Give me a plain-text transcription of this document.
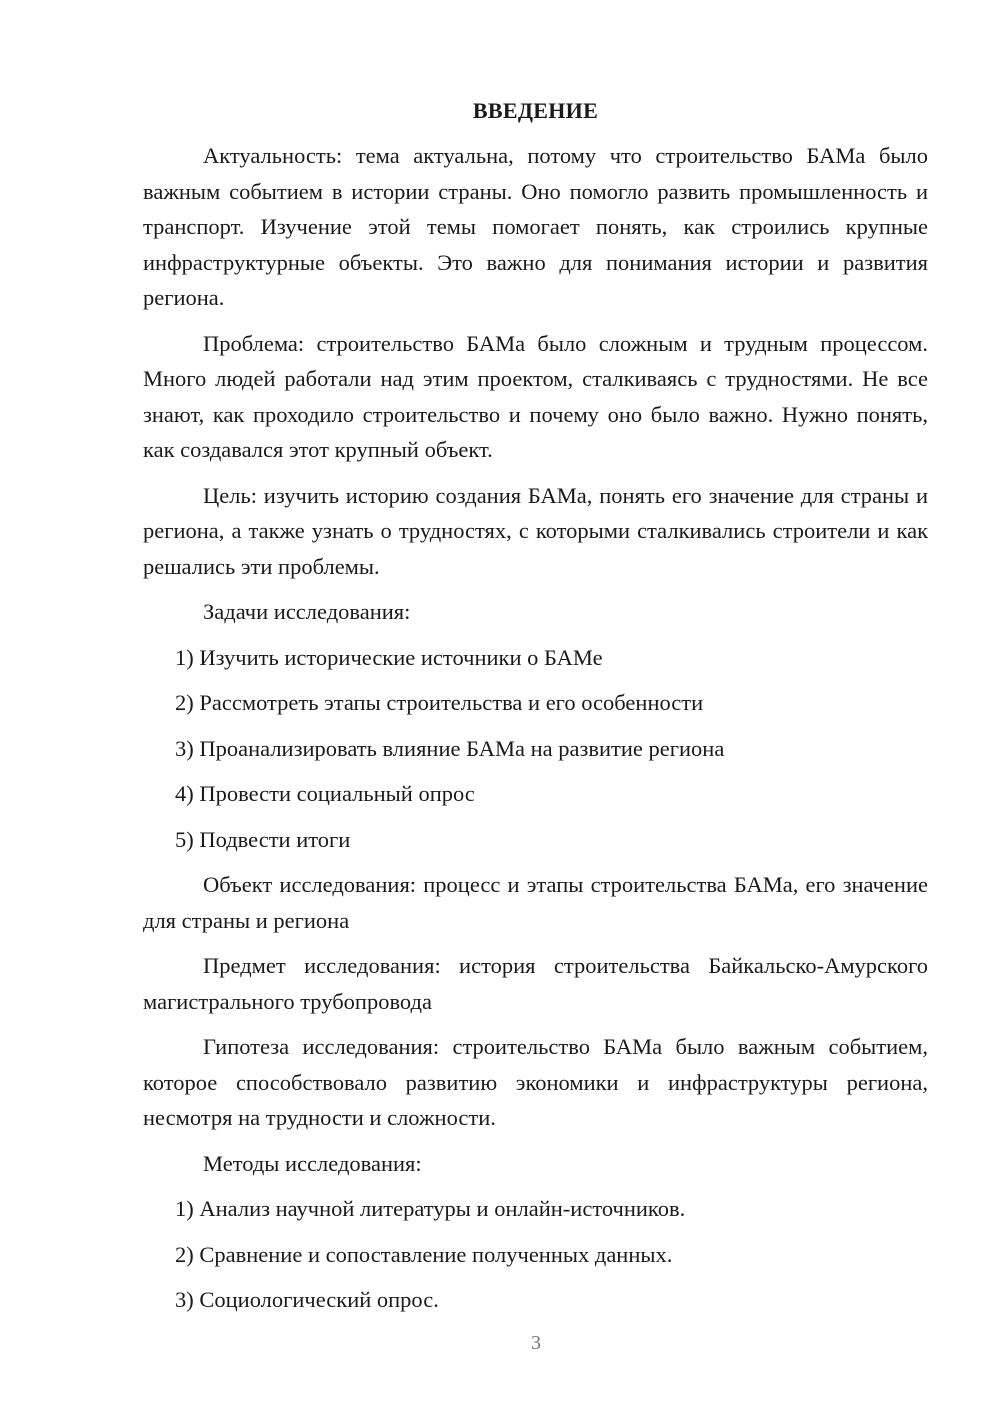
ВВЕДЕНИЕ

Актуальность: тема актуальна, потому что строительство БАМа было важным событием в истории страны. Оно помогло развить промышленность и транспорт. Изучение этой темы помогает понять, как строились крупные инфраструктурные объекты. Это важно для понимания истории и развития региона.

Проблема: строительство БАМа было сложным и трудным процессом. Много людей работали над этим проектом, сталкиваясь с трудностями. Не все знают, как проходило строительство и почему оно было важно. Нужно понять, как создавался этот крупный объект.

Цель: изучить историю создания БАМа, понять его значение для страны и региона, а также узнать о трудностях, с которыми сталкивались строители и как решались эти проблемы.

Задачи исследования:

1) Изучить исторические источники о БАМе

2) Рассмотреть этапы строительства и его особенности

3) Проанализировать влияние БАМа на развитие региона

4) Провести социальный опрос

5) Подвести итоги

Объект исследования: процесс и этапы строительства БАМа, его значение для страны и региона

Предмет исследования: история строительства Байкальско-Амурского магистрального трубопровода

Гипотеза исследования: строительство БАМа было важным событием, которое способствовало развитию экономики и инфраструктуры региона, несмотря на трудности и сложности.

Методы исследования:

1) Анализ научной литературы и онлайн-источников.

2) Сравнение и сопоставление полученных данных.

3) Социологический опрос.

3
